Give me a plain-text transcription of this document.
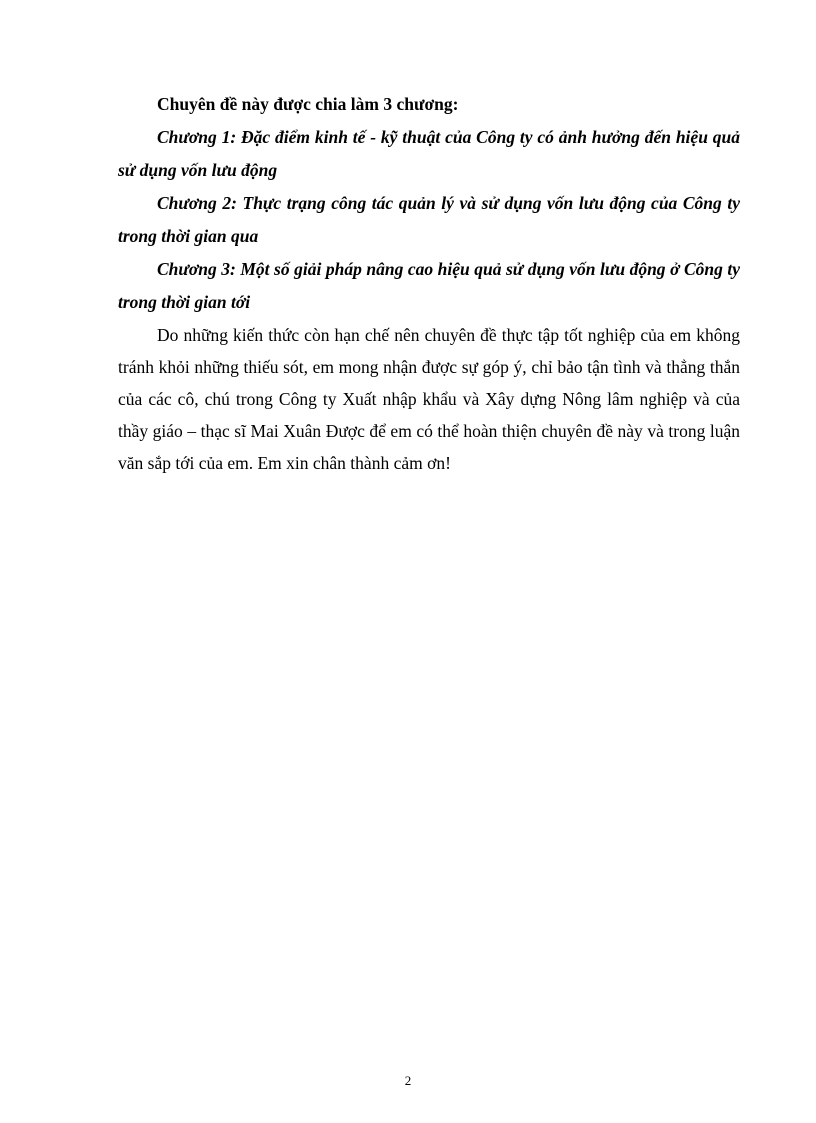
Chuyên đề này được chia làm 3 chương:

Chương 1: Đặc điểm kinh tế - kỹ thuật của Công ty có ảnh hưởng đến hiệu quả sử dụng vốn lưu động

Chương 2: Thực trạng công tác quản lý và sử dụng vốn lưu động của Công ty trong thời gian qua

Chương 3: Một số giải pháp nâng cao hiệu quả sử dụng vốn lưu động ở Công ty trong thời gian tới

Do những kiến thức còn hạn chế nên chuyên đề thực tập tốt nghiệp của em không tránh khỏi những thiếu sót, em mong nhận được sự góp ý, chỉ bảo tận tình và thẳng thắn của các cô, chú trong Công ty Xuất nhập khẩu và Xây dựng Nông lâm nghiệp và của thầy giáo – thạc sĩ Mai Xuân Được để em có thể hoàn thiện chuyên đề này và trong luận văn sắp tới của em. Em xin chân thành cảm ơn!

2
